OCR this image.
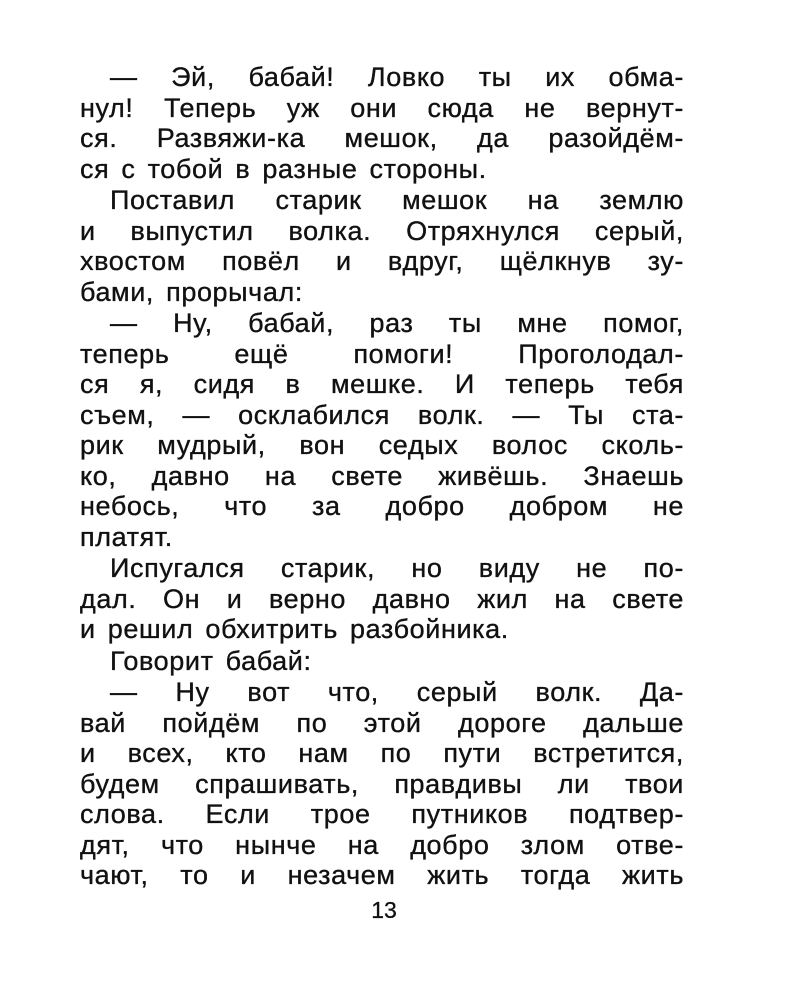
— Эй, бабай! Ловко ты их обма-
нул! Теперь уж они сюда не вернут-
ся. Развяжи-ка мешок, да разойдём-
ся с тобой в разные стороны.
Поставил старик мешок на землю
и выпустил волка. Отряхнулся серый,
хвостом повёл и вдруг, щёлкнув зу-
бами, прорычал:
— Ну, бабай, раз ты мне помог,
теперь ещё помоги! Проголодал-
ся я, сидя в мешке. И теперь тебя
съем, — осклабился волк. — Ты ста-
рик мудрый, вон седых волос сколь-
ко, давно на свете живёшь. Знаешь
небось, что за добро добром не
платят.
Испугался старик, но виду не по-
дал. Он и верно давно жил на свете
и решил обхитрить разбойника.
Говорит бабай:
— Ну вот что, серый волк. Да-
вай пойдём по этой дороге дальше
и всех, кто нам по пути встретится,
будем спрашивать, правдивы ли твои
слова. Если трое путников подтвер-
дят, что нынче на добро злом отве-
чают, то и незачем жить тогда жить
13
